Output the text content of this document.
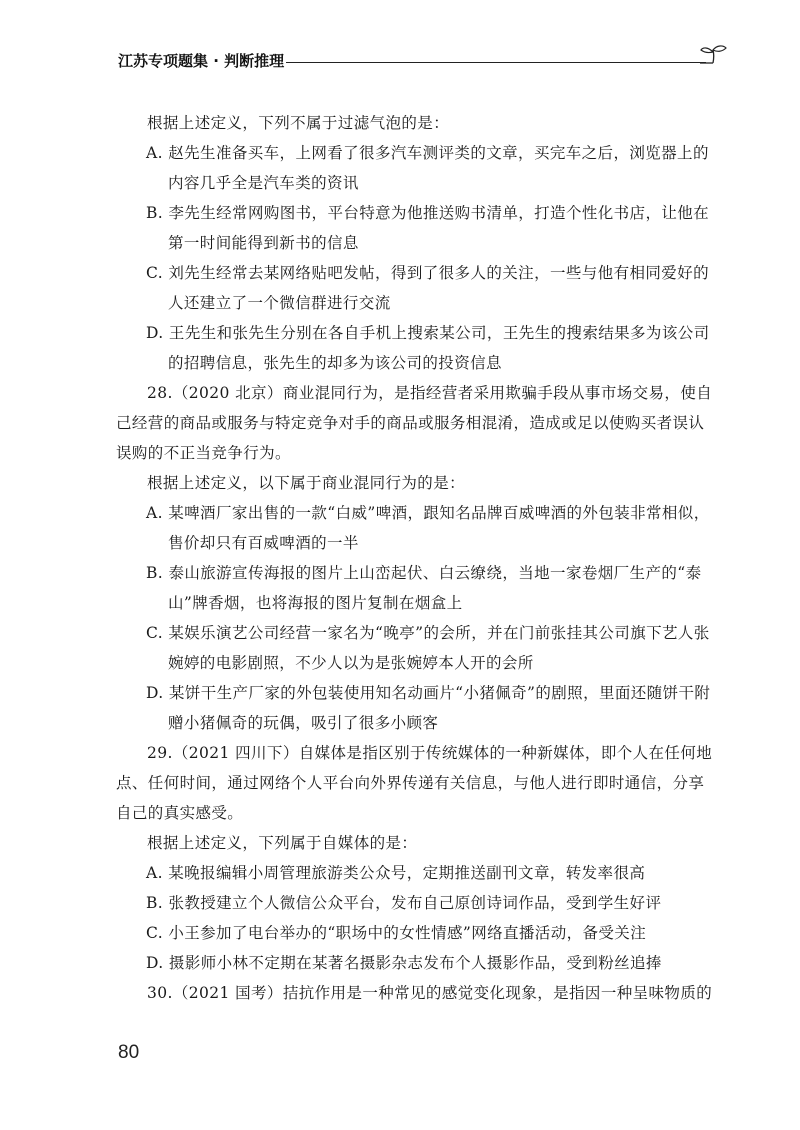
江苏专项题集 · 判断推理

根据上述定义，下列不属于过滤气泡的是：

A. 赵先生准备买车，上网看了很多汽车测评类的文章，买完车之后，浏览器上的内容几乎全是汽车类的资讯

B. 李先生经常网购图书，平台特意为他推送购书清单，打造个性化书店，让他在第一时间能得到新书的信息

C. 刘先生经常去某网络贴吧发帖，得到了很多人的关注，一些与他有相同爱好的人还建立了一个微信群进行交流

D. 王先生和张先生分别在各自手机上搜索某公司，王先生的搜索结果多为该公司的招聘信息，张先生的却多为该公司的投资信息

28.（2020 北京）商业混同行为，是指经营者采用欺骗手段从事市场交易，使自己经营的商品或服务与特定竞争对手的商品或服务相混淆，造成或足以使购买者误认误购的不正当竞争行为。

根据上述定义，以下属于商业混同行为的是：

A. 某啤酒厂家出售的一款“白威”啤酒，跟知名品牌百威啤酒的外包装非常相似，售价却只有百威啤酒的一半

B. 泰山旅游宣传海报的图片上山峦起伏、白云缭绕，当地一家卷烟厂生产的“泰山”牌香烟，也将海报的图片复制在烟盒上

C. 某娱乐演艺公司经营一家名为“晚亭”的会所，并在门前张挂其公司旗下艺人张婉婷的电影剧照，不少人以为是张婉婷本人开的会所

D. 某饼干生产厂家的外包装使用知名动画片“小猪佩奇”的剧照，里面还随饼干附赠小猪佩奇的玩偶，吸引了很多小顾客

29.（2021 四川下）自媒体是指区别于传统媒体的一种新媒体，即个人在任何地点、任何时间，通过网络个人平台向外界传递有关信息，与他人进行即时通信，分享自己的真实感受。

根据上述定义，下列属于自媒体的是：

A. 某晚报编辑小周管理旅游类公众号，定期推送副刊文章，转发率很高

B. 张教授建立个人微信公众平台，发布自己原创诗词作品，受到学生好评

C. 小王参加了电台举办的“职场中的女性情感”网络直播活动，备受关注

D. 摄影师小林不定期在某著名摄影杂志发布个人摄影作品，受到粉丝追捧

30.（2021 国考）拮抗作用是一种常见的感觉变化现象，是指因一种呈味物质的

80
